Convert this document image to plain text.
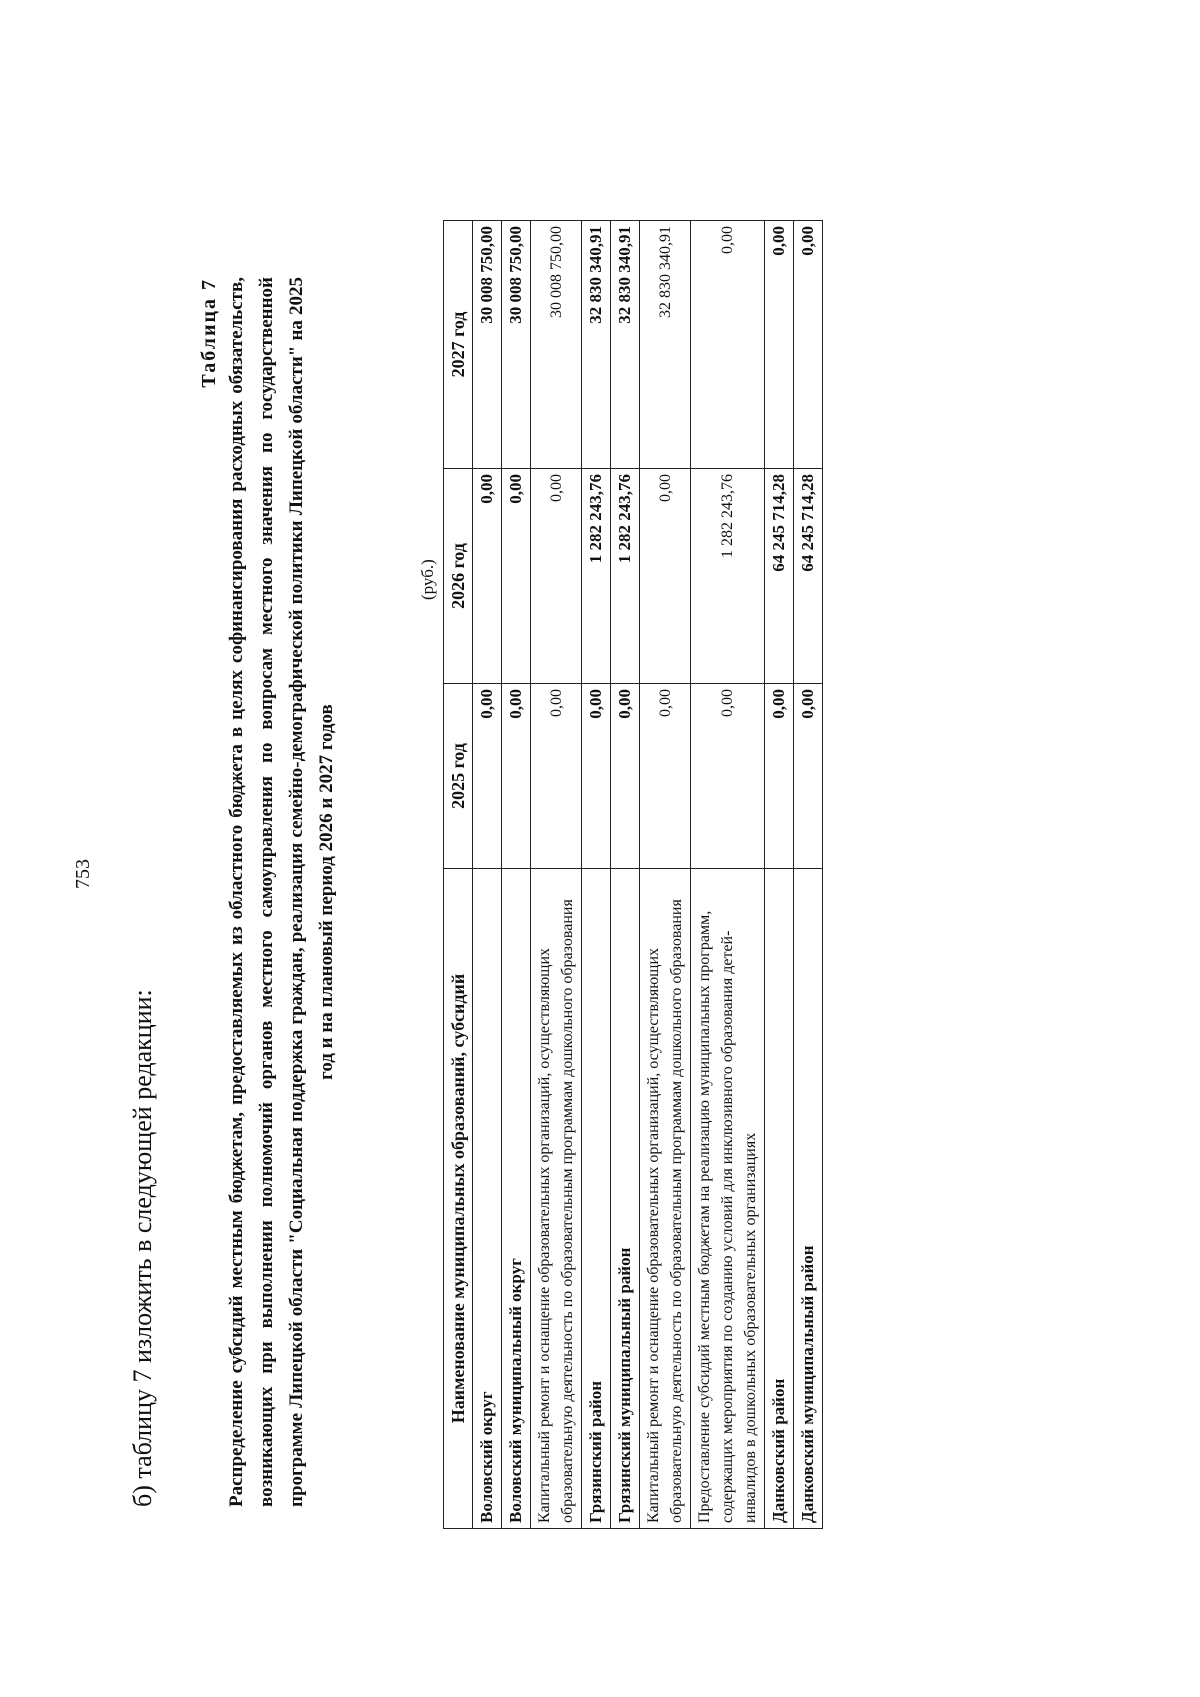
753
б) таблицу 7 изложить в следующей редакции:
Таблица 7 Распределение субсидий местным бюджетам, предоставляемых из областного бюджета в целях софинансирования расходных обязательств, возникающих при выполнении полномочий органов местного самоуправления по вопросам местного значения по государственной программе Липецкой области "Социальная поддержка граждан, реализация семейно-демографической политики Липецкой области" на 2025 год и на плановый период 2026 и 2027 годов
(руб.)
Наименование муниципальных образований, субсидий	2025 год	2026 год	2027 год
Воловский округ	0,00	0,00	30 008 750,00
Воловский муниципальный округ	0,00	0,00	30 008 750,00
Капитальный ремонт и оснащение образовательных организаций, осуществляющих образовательную деятельность по образовательным программам дошкольного образования	0,00	0,00	30 008 750,00
Грязинский район	0,00	1 282 243,76	32 830 340,91
Грязинский муниципальный район	0,00	1 282 243,76	32 830 340,91
Капитальный ремонт и оснащение образовательных организаций, осуществляющих образовательную деятельность по образовательным программам дошкольного образования	0,00	0,00	32 830 340,91
Предоставление субсидий местным бюджетам на реализацию муниципальных программ, содержащих мероприятия по созданию условий для инклюзивного образования детей-инвалидов в дошкольных образовательных организациях	0,00	1 282 243,76	0,00
Данковский район	0,00	64 245 714,28	0,00
Данковский муниципальный район	0,00	64 245 714,28	0,00
